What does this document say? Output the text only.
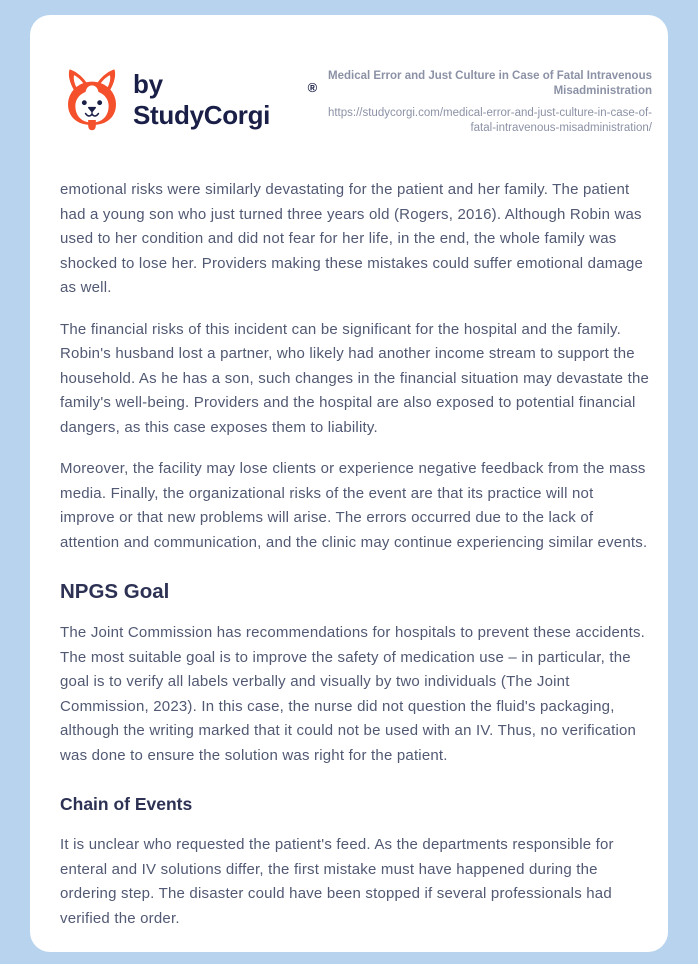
by StudyCorgi
®
Medical Error and Just Culture in Case of Fatal Intravenous Misadministration
https://studycorgi.com/medical-error-and-just-culture-in-case-of-fatal-intravenous-misadministration/

emotional risks were similarly devastating for the patient and her family. The patient had a young son who just turned three years old (Rogers, 2016). Although Robin was used to her condition and did not fear for her life, in the end, the whole family was shocked to lose her. Providers making these mistakes could suffer emotional damage as well.

The financial risks of this incident can be significant for the hospital and the family. Robin's husband lost a partner, who likely had another income stream to support the household. As he has a son, such changes in the financial situation may devastate the family's well-being. Providers and the hospital are also exposed to potential financial dangers, as this case exposes them to liability.

Moreover, the facility may lose clients or experience negative feedback from the mass media. Finally, the organizational risks of the event are that its practice will not improve or that new problems will arise. The errors occurred due to the lack of attention and communication, and the clinic may continue experiencing similar events.

NPGS Goal

The Joint Commission has recommendations for hospitals to prevent these accidents. The most suitable goal is to improve the safety of medication use – in particular, the goal is to verify all labels verbally and visually by two individuals (The Joint Commission, 2023). In this case, the nurse did not question the fluid's packaging, although the writing marked that it could not be used with an IV. Thus, no verification was done to ensure the solution was right for the patient.

Chain of Events

It is unclear who requested the patient's feed. As the departments responsible for enteral and IV solutions differ, the first mistake must have happened during the ordering step. The disaster could have been stopped if several professionals had verified the order.
